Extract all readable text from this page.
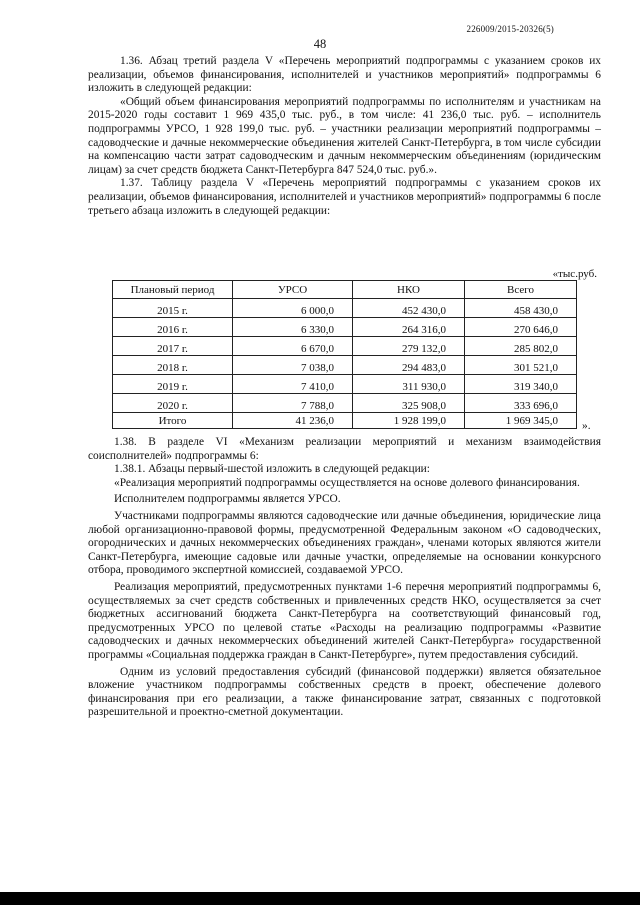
226009/2015-20326(5)
48

1.36. Абзац третий раздела V «Перечень мероприятий подпрограммы с указанием сроков их реализации, объемов финансирования, исполнителей и участников мероприятий» подпрограммы 6 изложить в следующей редакции:

«Общий объем финансирования мероприятий подпрограммы по исполнителям и участникам на 2015-2020 годы составит 1 969 435,0 тыс. руб., в том числе: 41 236,0 тыс. руб. – исполнитель подпрограммы УРСО, 1 928 199,0 тыс. руб. – участники реализации мероприятий подпрограммы – садоводческие и дачные некоммерческие объединения жителей Санкт-Петербурга, в том числе субсидии на компенсацию части затрат садоводческим и дачным некоммерческим объединениям (юридическим лицам) за счет средств бюджета Санкт-Петербурга 847 524,0 тыс. руб.».

1.37. Таблицу раздела V «Перечень мероприятий подпрограммы с указанием сроков их реализации, объемов финансирования, исполнителей и участников мероприятий» подпрограммы 6 после третьего абзаца изложить в следующей редакции:

«тыс.руб.
Плановый период	УРСО	НКО	Всего
2015 г.	6 000,0	452 430,0	458 430,0
2016 г.	6 330,0	264 316,0	270 646,0
2017 г.	6 670,0	279 132,0	285 802,0
2018 г.	7 038,0	294 483,0	301 521,0
2019 г.	7 410,0	311 930,0	319 340,0
2020 г.	7 788,0	325 908,0	333 696,0
Итого	41 236,0	1 928 199,0	1 969 345,0 ».

1.38. В разделе VI «Механизм реализации мероприятий и механизм взаимодействия соисполнителей» подпрограммы 6:

1.38.1. Абзацы первый-шестой изложить в следующей редакции:

«Реализация мероприятий подпрограммы осуществляется на основе долевого финансирования.

Исполнителем подпрограммы является УРСО.

Участниками подпрограммы являются садоводческие или дачные объединения, юридические лица любой организационно-правовой формы, предусмотренной Федеральным законом «О садоводческих, огороднических и дачных некоммерческих объединениях граждан», членами которых являются жители Санкт-Петербурга, имеющие садовые или дачные участки, определяемые на основании конкурсного отбора, проводимого экспертной комиссией, создаваемой УРСО.

Реализация мероприятий, предусмотренных пунктами 1-6 перечня мероприятий подпрограммы 6, осуществляемых за счет средств собственных и привлеченных средств НКО, осуществляется за счет бюджетных ассигнований бюджета Санкт-Петербурга на соответствующий финансовый год, предусмотренных УРСО по целевой статье «Расходы на реализацию подпрограммы «Развитие садоводческих и дачных некоммерческих объединений жителей Санкт-Петербурга» государственной программы «Социальная поддержка граждан в Санкт-Петербурге», путем предоставления субсидий.

Одним из условий предоставления субсидий (финансовой поддержки) является обязательное вложение участником подпрограммы собственных средств в проект, обеспечение долевого финансирования при его реализации, а также финансирование затрат, связанных с подготовкой разрешительной и проектно-сметной документации.
